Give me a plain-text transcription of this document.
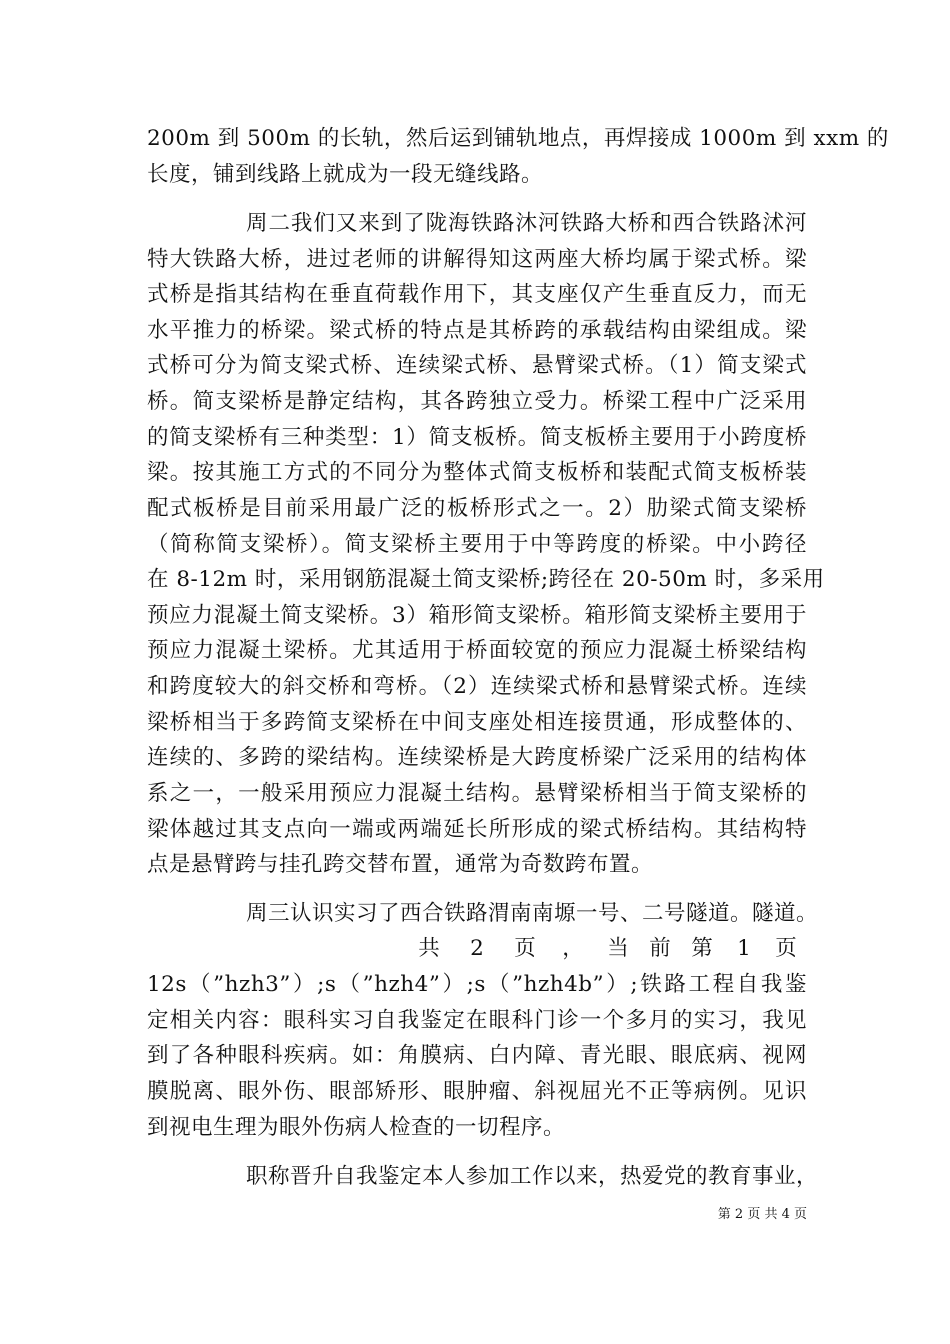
200m 到 500m 的长轨，然后运到铺轨地点，再焊接成 1000m 到 xxm 的
长度，铺到线路上就成为一段无缝线路。
周二我们又来到了陇海铁路沐河铁路大桥和西合铁路沭河
特大铁路大桥，进过老师的讲解得知这两座大桥均属于梁式桥。梁
式桥是指其结构在垂直荷载作用下，其支座仅产生垂直反力，而无
水平推力的桥梁。梁式桥的特点是其桥跨的承载结构由梁组成。梁
式桥可分为简支梁式桥、连续梁式桥、悬臂梁式桥。（1）简支梁式
桥。简支梁桥是静定结构，其各跨独立受力。桥梁工程中广泛采用
的简支梁桥有三种类型：1）简支板桥。简支板桥主要用于小跨度桥
梁。按其施工方式的不同分为整体式简支板桥和装配式简支板桥装
配式板桥是目前采用最广泛的板桥形式之一。2）肋梁式简支梁桥
（简称简支梁桥）。简支梁桥主要用于中等跨度的桥梁。中小跨径
在 8-12m 时，采用钢筋混凝土简支梁桥;跨径在 20-50m 时，多采用
预应力混凝土简支梁桥。3）箱形简支梁桥。箱形简支梁桥主要用于
预应力混凝土梁桥。尤其适用于桥面较宽的预应力混凝土桥梁结构
和跨度较大的斜交桥和弯桥。（2）连续梁式桥和悬臂梁式桥。连续
梁桥相当于多跨简支梁桥在中间支座处相连接贯通，形成整体的、
连续的、多跨的梁结构。连续梁桥是大跨度桥梁广泛采用的结构体
系之一，一般采用预应力混凝土结构。悬臂梁桥相当于简支梁桥的
梁体越过其支点向一端或两端延长所形成的梁式桥结构。其结构特
点是悬臂跨与挂孔跨交替布置，通常为奇数跨布置。
周三认识实习了西合铁路渭南南塬一号、二号隧道。隧道。
共	2	页	，	当 前 第	1	页
12s（”hzh3”）;s（”hzh4”）;s（”hzh4b”）;铁路工程自我鉴
定相关内容：眼科实习自我鉴定在眼科门诊一个多月的实习，我见
到了各种眼科疾病。如：角膜病、白内障、青光眼、眼底病、视网
膜脱离、眼外伤、眼部矫形、眼肿瘤、斜视屈光不正等病例。见识
到视电生理为眼外伤病人检查的一切程序。
职称晋升自我鉴定本人参加工作以来，热爱党的教育事业，
第 2 页 共 4 页
